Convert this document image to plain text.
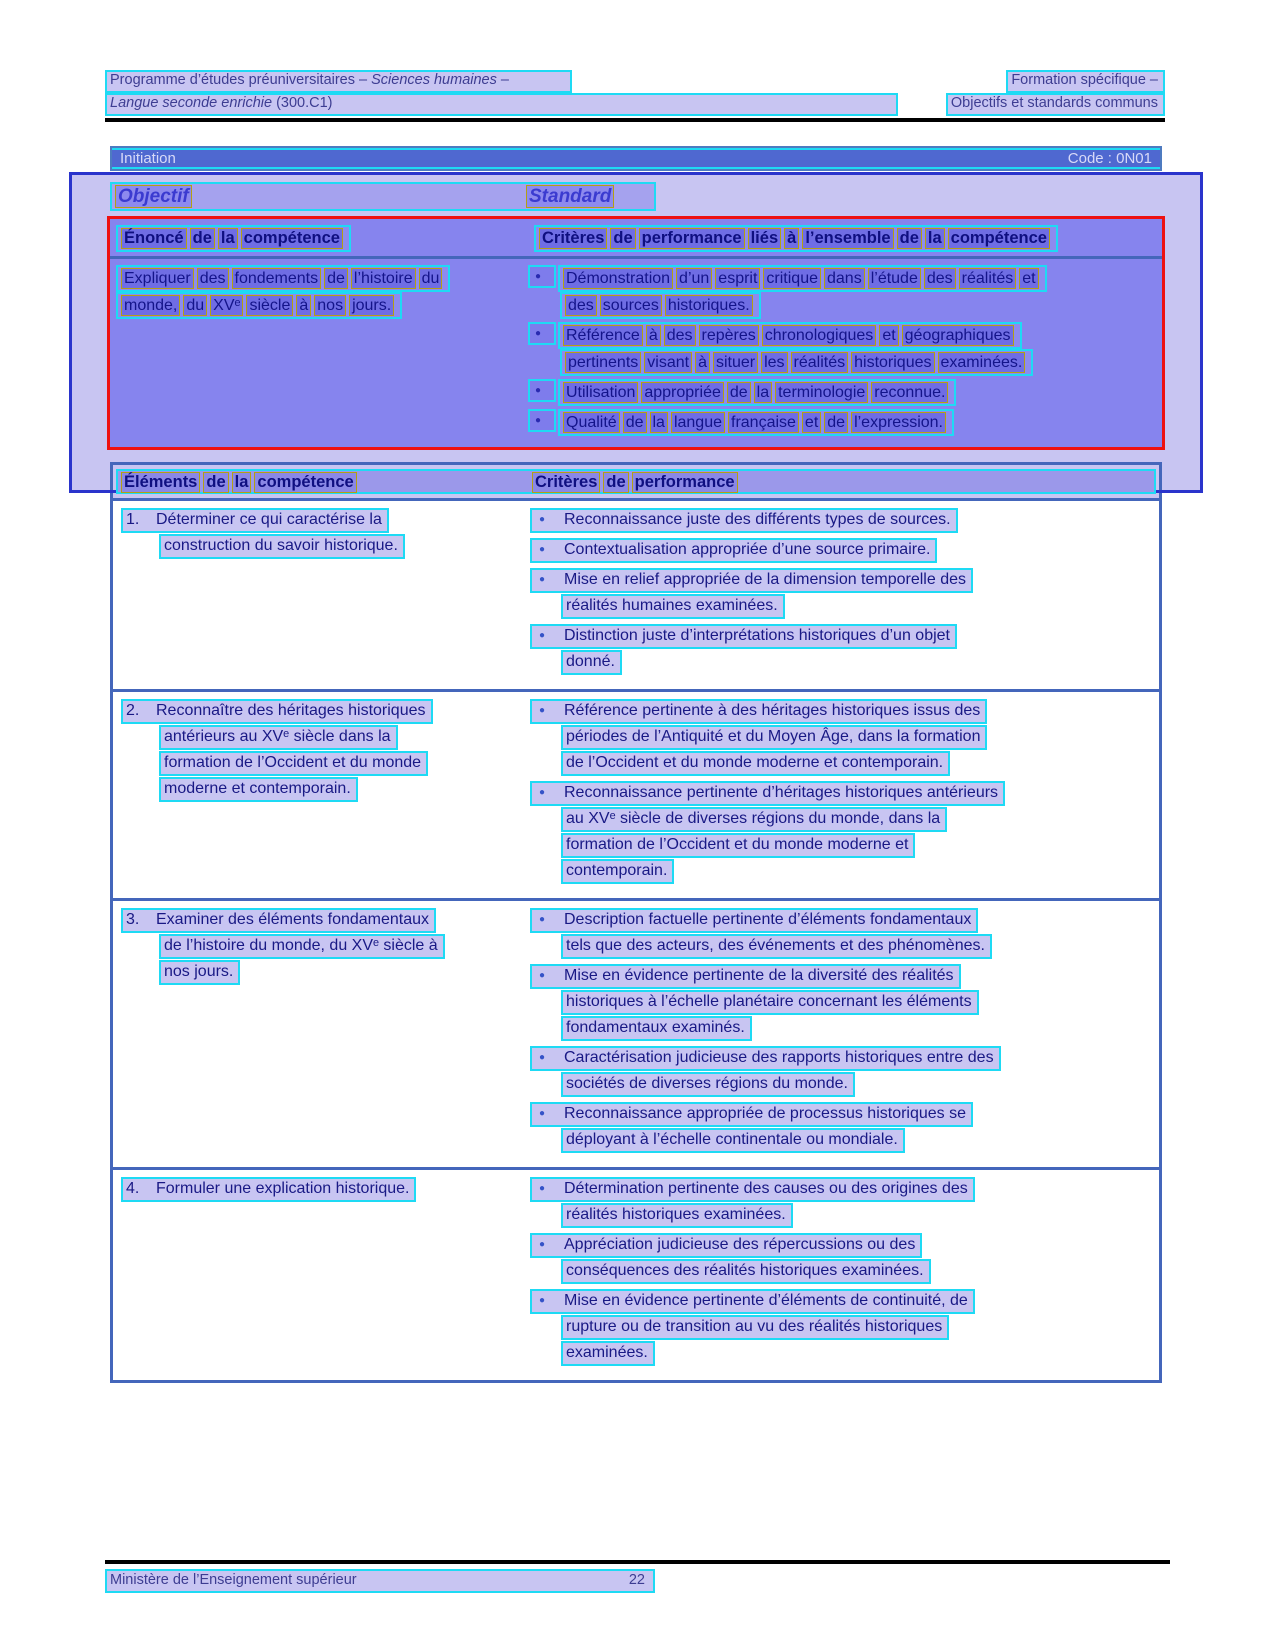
Programme d’études préuniversitaires – Sciences humaines –	Formation spécifique –
Langue seconde enrichie (300.C1)	Objectifs et standards communs
Initiation	Code : 0N01
Objectif	Standard
Énoncé de la compétence	Critères de performance liés à l’ensemble de la compétence
Expliquer des fondements de l’histoire du
monde, du XVᵉ siècle à nos jours.
● Démonstration d’un esprit critique dans l’étude des réalités et
des sources historiques.
● Référence à des repères chronologiques et géographiques
pertinents visant à situer les réalités historiques examinées.
● Utilisation appropriée de la terminologie reconnue.
● Qualité de la langue française et de l’expression.
Éléments de la compétence	Critères de performance
1. Déterminer ce qui caractérise la
construction du savoir historique.
● Reconnaissance juste des différents types de sources.
● Contextualisation appropriée d’une source primaire.
● Mise en relief appropriée de la dimension temporelle des
réalités humaines examinées.
● Distinction juste d’interprétations historiques d’un objet
donné.
2. Reconnaître des héritages historiques
antérieurs au XVᵉ siècle dans la
formation de l’Occident et du monde
moderne et contemporain.
● Référence pertinente à des héritages historiques issus des
périodes de l’Antiquité et du Moyen Âge, dans la formation
de l’Occident et du monde moderne et contemporain.
● Reconnaissance pertinente d’héritages historiques antérieurs
au XVᵉ siècle de diverses régions du monde, dans la
formation de l’Occident et du monde moderne et
contemporain.
3. Examiner des éléments fondamentaux
de l’histoire du monde, du XVᵉ siècle à
nos jours.
● Description factuelle pertinente d’éléments fondamentaux
tels que des acteurs, des événements et des phénomènes.
● Mise en évidence pertinente de la diversité des réalités
historiques à l’échelle planétaire concernant les éléments
fondamentaux examinés.
● Caractérisation judicieuse des rapports historiques entre des
sociétés de diverses régions du monde.
● Reconnaissance appropriée de processus historiques se
déployant à l’échelle continentale ou mondiale.
4. Formuler une explication historique.	● Détermination pertinente des causes ou des origines des
réalités historiques examinées.
● Appréciation judicieuse des répercussions ou des
conséquences des réalités historiques examinées.
● Mise en évidence pertinente d’éléments de continuité, de
rupture ou de transition au vu des réalités historiques
examinées.
Ministère de l’Enseignement supérieur	22
